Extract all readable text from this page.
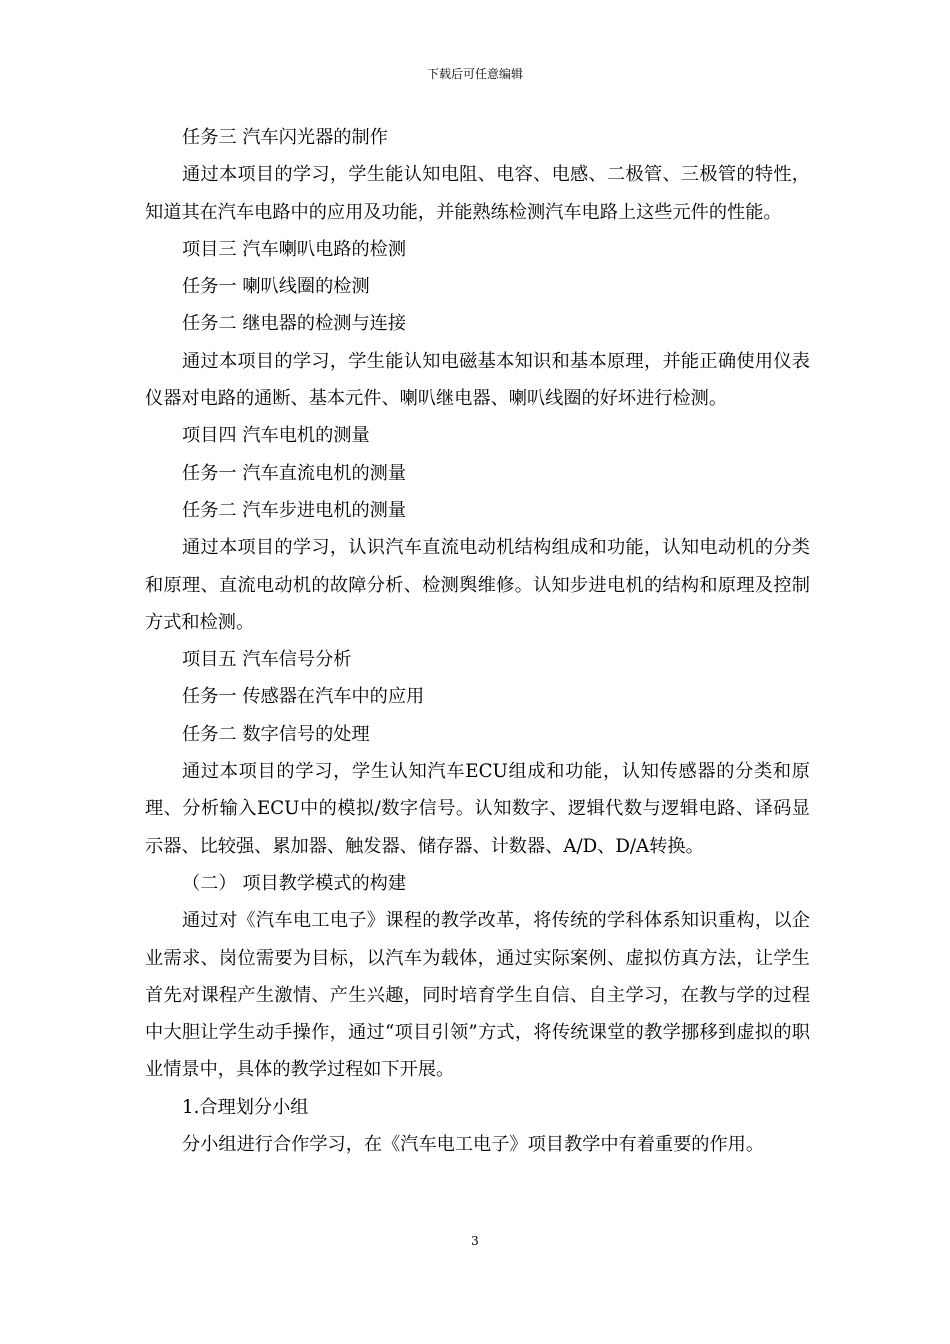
下载后可任意编辑

任务三 汽车闪光器的制作

通过本项目的学习，学生能认知电阻、电容、电感、二极管、三极管的特性，知道其在汽车电路中的应用及功能，并能熟练检测汽车电路上这些元件的性能。

项目三 汽车喇叭电路的检测

任务一 喇叭线圈的检测

任务二 继电器的检测与连接

通过本项目的学习，学生能认知电磁基本知识和基本原理，并能正确使用仪表仪器对电路的通断、基本元件、喇叭继电器、喇叭线圈的好坏进行检测。

项目四 汽车电机的测量

任务一 汽车直流电机的测量

任务二 汽车步进电机的测量

通过本项目的学习，认识汽车直流电动机结构组成和功能，认知电动机的分类和原理、直流电动机的故障分析、检测舆维修。认知步进电机的结构和原理及控制方式和检测。

项目五 汽车信号分析

任务一 传感器在汽车中的应用

任务二 数字信号的处理

通过本项目的学习，学生认知汽车ECU组成和功能，认知传感器的分类和原理、分析输入ECU中的模拟/数字信号。认知数字、逻辑代数与逻辑电路、译码显示器、比较强、累加器、触发器、储存器、计数器、A/D、D/A转换。

（二） 项目教学模式的构建

通过对《汽车电工电子》课程的教学改革，将传统的学科体系知识重构，以企业需求、岗位需要为目标，以汽车为载体，通过实际案例、虚拟仿真方法，让学生首先对课程产生激情、产生兴趣，同时培育学生自信、自主学习，在教与学的过程中大胆让学生动手操作，通过“项目引领”方式，将传统课堂的教学挪移到虚拟的职业情景中，具体的教学过程如下开展。

1.合理划分小组

分小组进行合作学习，在《汽车电工电子》项目教学中有着重要的作用。

3
